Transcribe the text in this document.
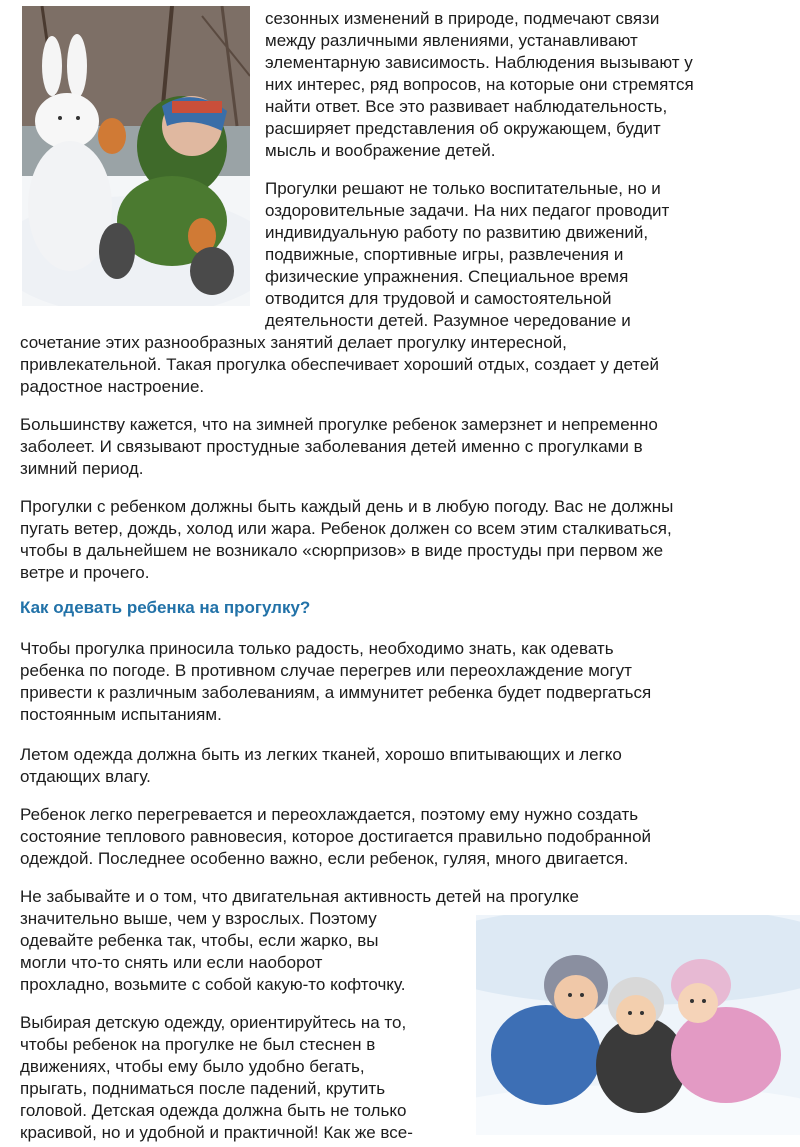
сезонных изменений в природе, подмечают связи
между различными явлениями, устанавливают
элементарную зависимость. Наблюдения вызывают у
них интерес, ряд вопросов, на которые они стремятся
найти ответ. Все это развивает наблюдательность,
расширяет представления об окружающем, будит
мысль и воображение детей.
Прогулки решают не только воспитательные, но и
оздоровительные задачи. На них педагог проводит
индивидуальную работу по развитию движений,
подвижные, спортивные игры, развлечения и
физические упражнения. Специальное время
отводится для трудовой и самостоятельной
деятельности детей. Разумное чередование и
сочетание этих разнообразных занятий делает прогулку интересной,
привлекательной. Такая прогулка обеспечивает хороший отдых, создает у детей
радостное настроение.
Большинству кажется, что на зимней прогулке ребенок замерзнет и непременно
заболеет. И связывают простудные заболевания детей именно с прогулками в
зимний период.
Прогулки с ребенком должны быть каждый день и в любую погоду. Вас не должны
пугать ветер, дождь, холод или жара. Ребенок должен со всем этим сталкиваться,
чтобы в дальнейшем не возникало «сюрпризов» в виде простуды при первом же
ветре и прочего.
Как одевать ребенка на прогулку?
Чтобы прогулка приносила только радость, необходимо знать, как одевать
ребенка по погоде. В противном случае перегрев или переохлаждение могут
привести к различным заболеваниям, а иммунитет ребенка будет подвергаться
постоянным испытаниям.
Летом одежда должна быть из легких тканей, хорошо впитывающих и легко
отдающих влагу.
Ребенок легко перегревается и переохлаждается, поэтому ему нужно создать
состояние теплового равновесия, которое достигается правильно подобранной
одеждой. Последнее особенно важно, если ребенок, гуляя, много двигается.
Не забывайте и о том, что двигательная активность детей на прогулке
значительно выше, чем у взрослых. Поэтому
одевайте ребенка так, чтобы, если жарко, вы
могли что-то снять или если наоборот
прохладно, возьмите с собой какую-то кофточку.
Выбирая детскую одежду, ориентируйтесь на то,
чтобы ребенок на прогулке не был стеснен в
движениях, чтобы ему было удобно бегать,
прыгать, подниматься после падений, крутить
головой. Детская одежда должна быть не только
красивой, но и удобной и практичной! Как же все-
